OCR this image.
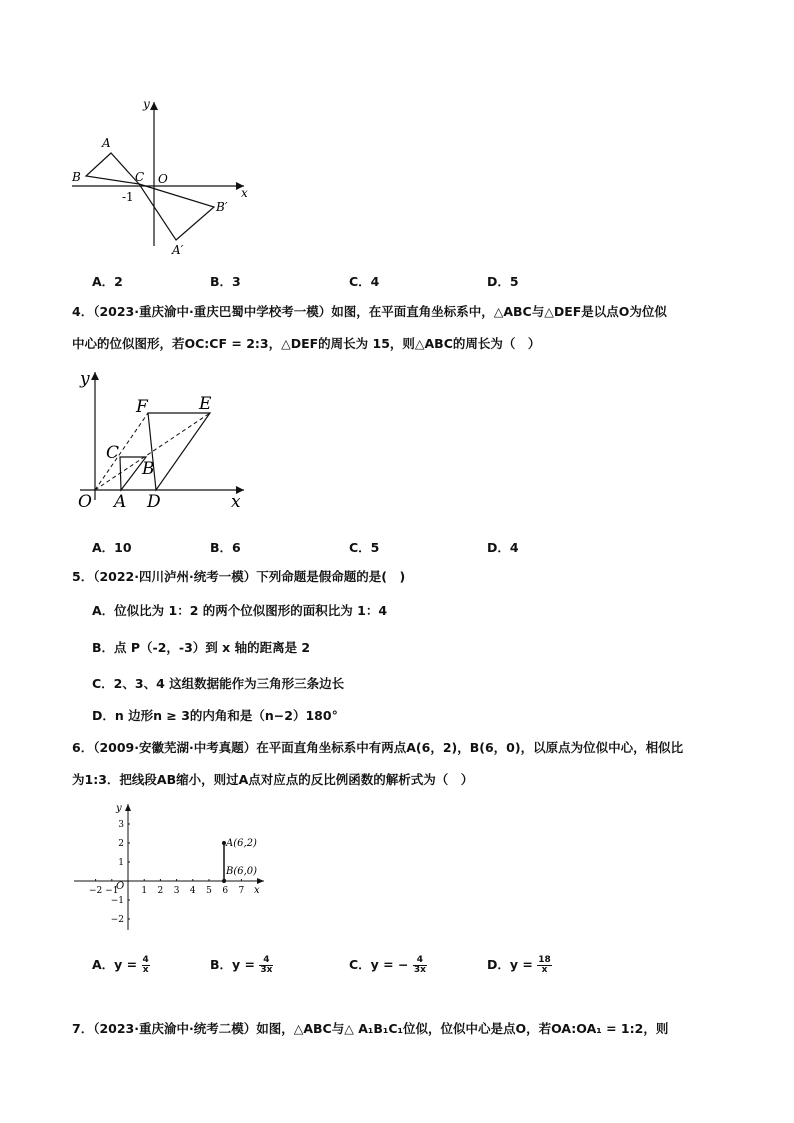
y
x
A
B	C O
-1
B′
A′
A．2	B．3	C．4	D．5
4．（2023·重庆渝中·重庆巴蜀中学校考一模）如图，在平面直角坐标系中，△ABC与△DEF是以点O为位似
中心的位似图形，若OC:CF = 2:3，△DEF的周长为 15，则△ABC的周长为（　）
y
x
O A D
B
C
F	E
A．10	B．6	C．5	D．4
5．（2022·四川泸州·统考一模）下列命题是假命题的是(　)
A．位似比为 1：2 的两个位似图形的面积比为 1：4
B．点 P（-2，-3）到 x 轴的距离是 2
C．2、3、4 这组数据能作为三角形三条边长
D．n 边形n ≥ 3的内角和是（n−2）180°
6．（2009·安徽芜湖·中考真题）在平面直角坐标系中有两点A(6，2)，B(6，0)，以原点为位似中心，相似比
为1:3．把线段AB缩小，则过A点对应点的反比例函数的解析式为（　）
−2 −1	1 2 3 4 5 6 7
3
2
1
−1
−2
y
x
O
A(6,2)
B(6,0)
A．$y = \frac{4}{x}$	B．$y = \frac{4}{3x}$	C．y = − $\frac{4}{3x}$	D．$y = \frac{18}{x}$
7．（2023·重庆渝中·统考二模）如图，△ABC与△ A₁B₁C₁位似，位似中心是点O，若OA:OA₁ = 1:2，则
